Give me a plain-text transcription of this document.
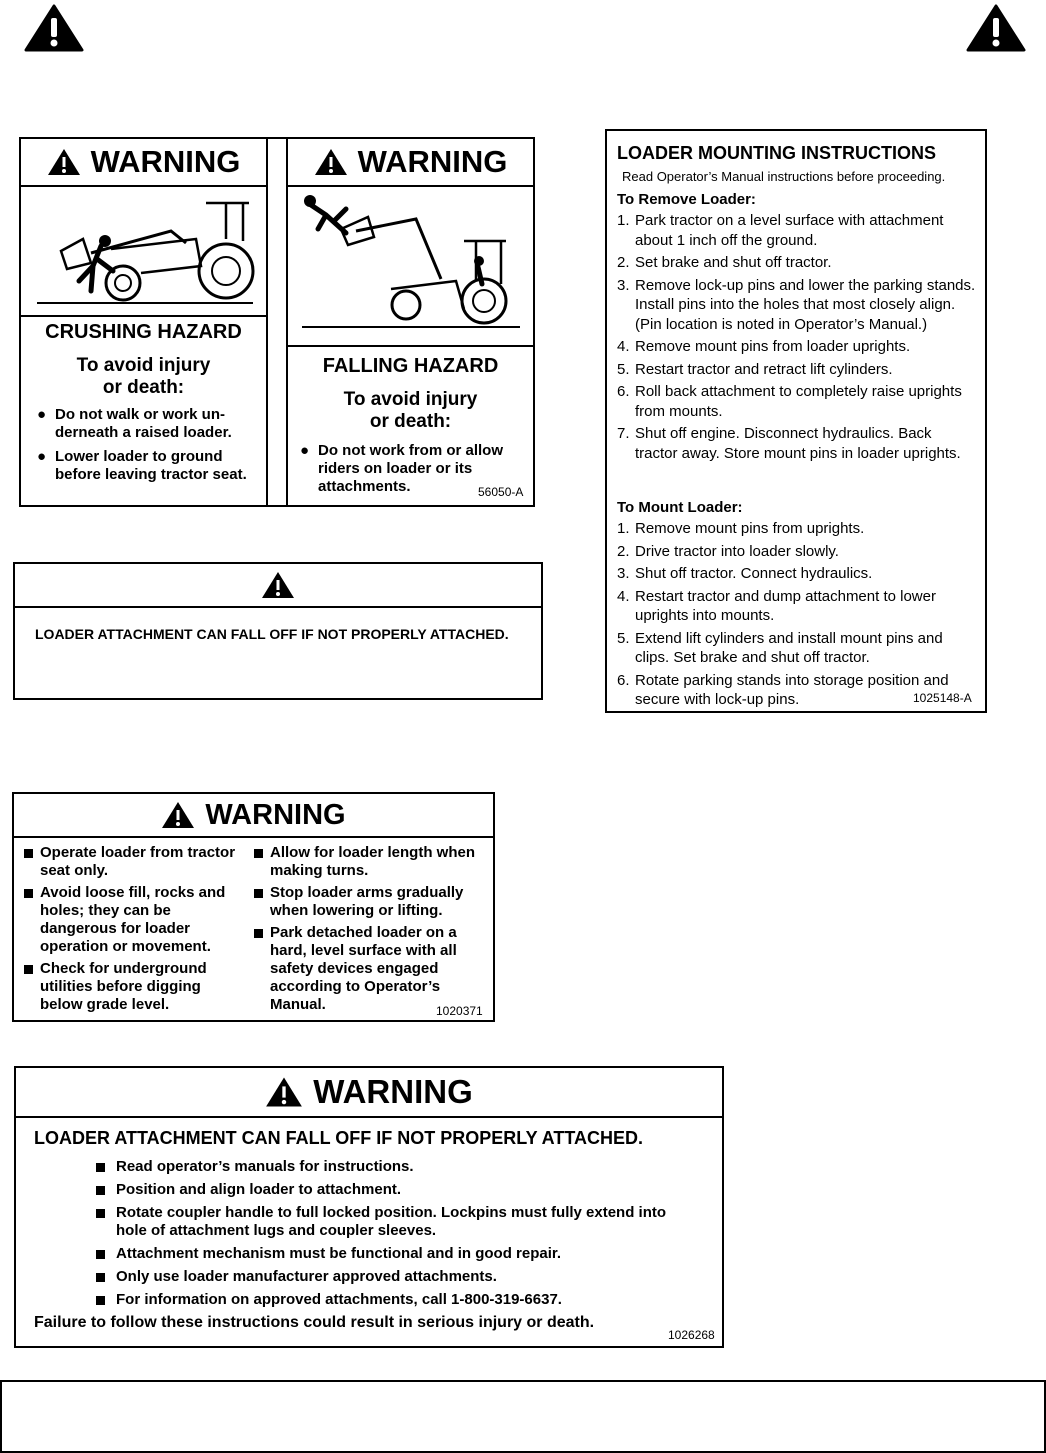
WARNING
CRUSHING HAZARD
To avoid injury
or death:
● Do not walk or work un-derneath a raised loader.
● Lower loader to ground before leaving tractor seat.
WARNING
FALLING HAZARD
To avoid injury
or death:
● Do not work from or allow riders on loader or its attachments.	56050-A
LOADER ATTACHMENT CAN FALL OFF IF NOT PROPERLY ATTACHED.
LOADER MOUNTING INSTRUCTIONS
Read Operator’s Manual instructions before proceeding.
To Remove Loader:
1. Park tractor on a level surface with attachment about 1 inch off the ground.
2. Set brake and shut off tractor.
3. Remove lock-up pins and lower the parking stands. Install pins into the holes that most closely align. (Pin location is noted in Operator’s Manual.)
4. Remove mount pins from loader uprights.
5. Restart tractor and retract lift cylinders.
6. Roll back attachment to completely raise uprights from mounts.
7. Shut off engine. Disconnect hydraulics. Back tractor away. Store mount pins in loader uprights.
To Mount Loader:
1. Remove mount pins from uprights.
2. Drive tractor into loader slowly.
3. Shut off tractor. Connect hydraulics.
4. Restart tractor and dump attachment to lower uprights into mounts.
5. Extend lift cylinders and install mount pins and clips. Set brake and shut off tractor.
6. Rotate parking stands into storage position and secure with lock-up pins.	1025148-A
WARNING
Operate loader from tractor seat only.
Avoid loose fill, rocks and holes; they can be dangerous for loader operation or movement.
Check for underground utilities before digging below grade level.
Allow for loader length when making turns.
Stop loader arms gradually when lowering or lifting.
Park detached loader on a hard, level surface with all safety devices engaged according to Operator’s Manual.	1020371
WARNING
LOADER ATTACHMENT CAN FALL OFF IF NOT PROPERLY ATTACHED.
Read operator’s manuals for instructions.
Position and align loader to attachment.
Rotate coupler handle to full locked position. Lockpins must fully extend into hole of attachment lugs and coupler sleeves.
Attachment mechanism must be functional and in good repair.
Only use loader manufacturer approved attachments.
For information on approved attachments, call 1-800-319-6637.
Failure to follow these instructions could result in serious injury or death.
1026268
